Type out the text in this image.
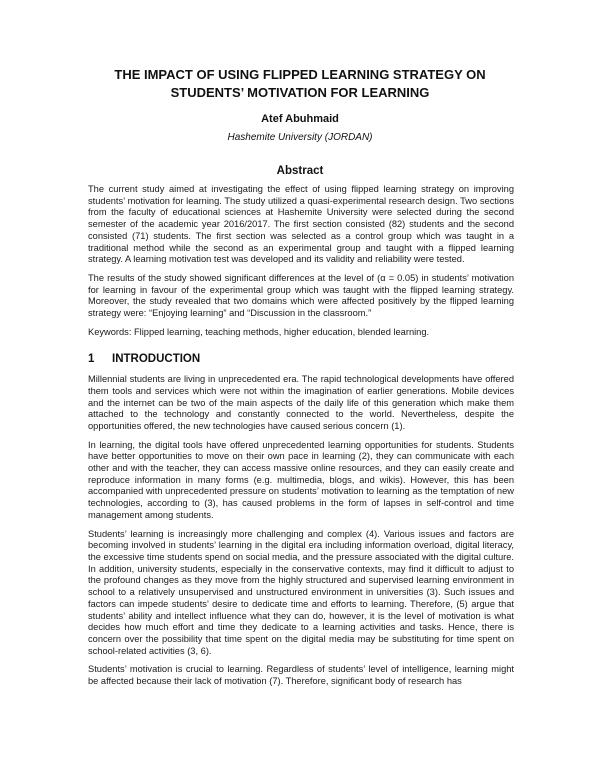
THE IMPACT OF USING FLIPPED LEARNING STRATEGY ON
STUDENTS’ MOTIVATION FOR LEARNING
Atef Abuhmaid
Hashemite University (JORDAN)
Abstract

The current study aimed at investigating the effect of using flipped learning strategy on improving students’ motivation for learning. The study utilized a quasi-experimental research design. Two sections from the faculty of educational sciences at Hashemite University were selected during the second semester of the academic year 2016/2017. The first section consisted (82) students and the second consisted (71) students. The first section was selected as a control group which was taught in a traditional method while the second as an experimental group and taught with a flipped learning strategy. A learning motivation test was developed and its validity and reliability were tested.

The results of the study showed significant differences at the level of (α = 0.05) in students’ motivation for learning in favour of the experimental group which was taught with the flipped learning strategy. Moreover, the study revealed that two domains which were affected positively by the flipped learning strategy were: “Enjoying learning” and “Discussion in the classroom.”

Keywords: Flipped learning, teaching methods, higher education, blended learning.

1	INTRODUCTION

Millennial students are living in unprecedented era. The rapid technological developments have offered them tools and services which were not within the imagination of earlier generations. Mobile devices and the internet can be two of the main aspects of the daily life of this generation which make them attached to the technology and constantly connected to the world. Nevertheless, despite the opportunities offered, the new technologies have caused serious concern (1).

In learning, the digital tools have offered unprecedented learning opportunities for students. Students have better opportunities to move on their own pace in learning (2), they can communicate with each other and with the teacher, they can access massive online resources, and they can easily create and reproduce information in many forms (e.g. multimedia, blogs, and wikis). However, this has been accompanied with unprecedented pressure on students’ motivation to learning as the temptation of new technologies, according to (3), has caused problems in the form of lapses in self-control and time management among students.

Students’ learning is increasingly more challenging and complex (4). Various issues and factors are becoming involved in students’ learning in the digital era including information overload, digital literacy, the excessive time students spend on social media, and the pressure associated with the digital culture. In addition, university students, especially in the conservative contexts, may find it difficult to adjust to the profound changes as they move from the highly structured and supervised learning environment in school to a relatively unsupervised and unstructured environment in universities (3). Such issues and factors can impede students’ desire to dedicate time and efforts to learning. Therefore, (5) argue that students’ ability and intellect influence what they can do, however, it is the level of motivation is what decides how much effort and time they dedicate to a learning activities and tasks. Hence, there is concern over the possibility that time spent on the digital media may be substituting for time spent on school-related activities (3, 6).

Students’ motivation is crucial to learning. Regardless of students’ level of intelligence, learning might be affected because their lack of motivation (7). Therefore, significant body of research has
